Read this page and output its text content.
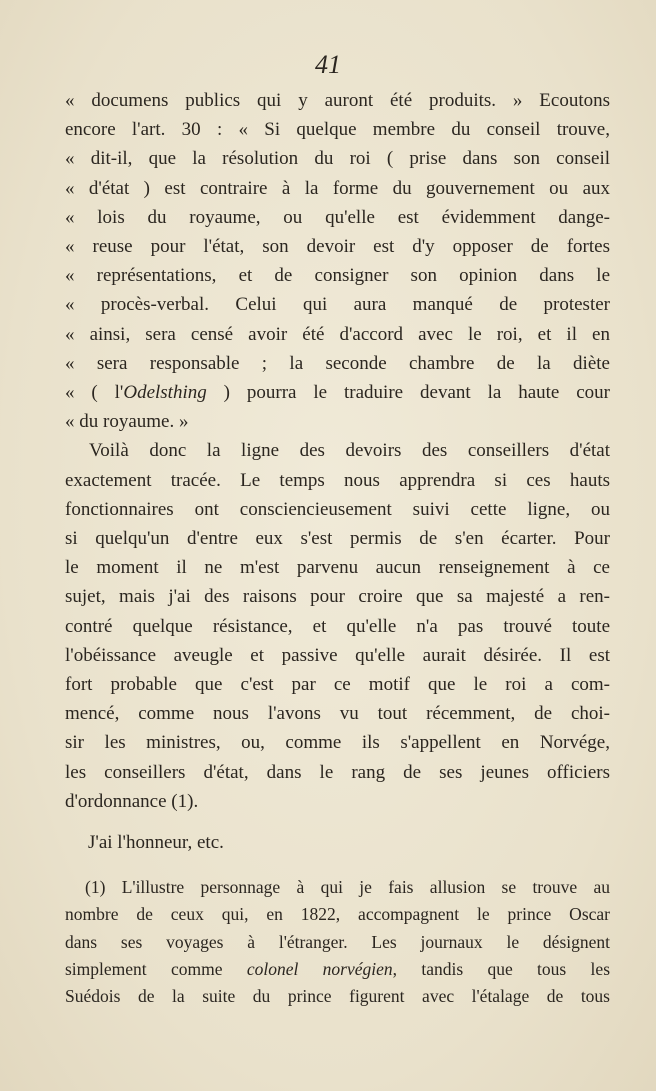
41
« documens publics qui y auront été produits. » Ecoutons
encore l'art. 30 : « Si quelque membre du conseil trouve,
« dit-il, que la résolution du roi ( prise dans son conseil
« d'état ) est contraire à la forme du gouvernement ou aux
« lois du royaume, ou qu'elle est évidemment dange-
« reuse pour l'état, son devoir est d'y opposer de fortes
« représentations, et de consigner son opinion dans le
« procès-verbal. Celui qui aura manqué de protester
« ainsi, sera censé avoir été d'accord avec le roi, et il en
« sera responsable ; la seconde chambre de la diète
« ( l'Odelsthing ) pourra le traduire devant la haute cour
« du royaume. »
Voilà donc la ligne des devoirs des conseillers d'état
exactement tracée. Le temps nous apprendra si ces hauts
fonctionnaires ont consciencieusement suivi cette ligne, ou
si quelqu'un d'entre eux s'est permis de s'en écarter. Pour
le moment il ne m'est parvenu aucun renseignement à ce
sujet, mais j'ai des raisons pour croire que sa majesté a ren-
contré quelque résistance, et qu'elle n'a pas trouvé toute
l'obéissance aveugle et passive qu'elle aurait désirée. Il est
fort probable que c'est par ce motif que le roi a com-
mencé, comme nous l'avons vu tout récemment, de choi-
sir les ministres, ou, comme ils s'appellent en Norvége,
les conseillers d'état, dans le rang de ses jeunes officiers
d'ordonnance (1).
J'ai l'honneur, etc.
(1) L'illustre personnage à qui je fais allusion se trouve au
nombre de ceux qui, en 1822, accompagnent le prince Oscar
dans ses voyages à l'étranger. Les journaux le désignent
simplement comme colonel norvégien, tandis que tous les
Suédois de la suite du prince figurent avec l'étalage de tous
